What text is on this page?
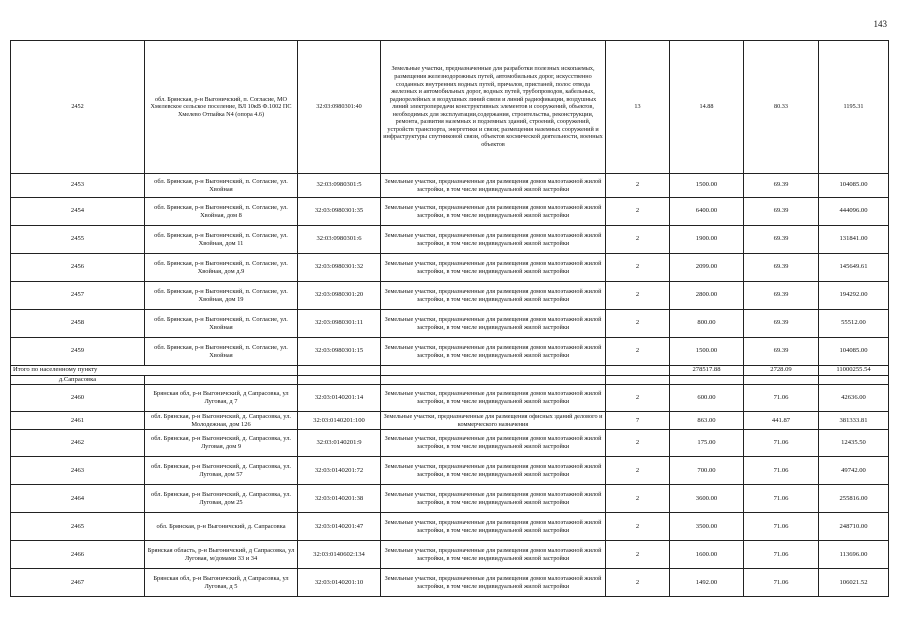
143
2452	обл. Брянская, р-н Выгоничский, п. Согласие, МО Хмелевское сельское поселение, ВЛ 10кВ Ф.1002 ПС Хмелево Отпайка N4 (опора 4.6)	32:03:0980301:40	Земельные участки, предназначенные для разработки полезных ископаемых, размещения железнодорожных путей, автомобильных дорог, искусственно созданных внутренних водных путей, причалов, пристаней, полос отвода железных и автомобильных дорог, водных путей, трубопроводов, кабельных, радиорелейных и воздушных линий связи и линий радиофикации, воздушных линий электропередачи конструктивных элементов и сооружений, объектов, необходимых для эксплуатации,содержания, строительства, реконструкции, ремонта, развития наземных и подземных зданий, строений, сооружений, устройств транспорта, энергетики и связи; размещения наземных сооружений и инфраструктуры спутниковой связи, объектов космической деятельности, военных объектов	13	14.88	80.33	1195.31
2453	обл. Брянская, р-н Выгоничский, п. Согласие, ул. Хвойная	32:03:0980301:5	Земельные участки, предназначенные для размещения домов малоэтажной жилой застройки, в том числе индивидуальной жилой застройки	2	1500.00	69.39	104085.00
2454	обл. Брянская, р-н Выгоничский, п. Согласие, ул. Хвойная, дом 8	32:03:0980301:35	Земельные участки, предназначенные для размещения домов малоэтажной жилой застройки, в том числе индивидуальной жилой застройки	2	6400.00	69.39	444096.00
2455	обл. Брянская, р-н Выгоничский, п. Согласие, ул. Хвойная, дом 11	32:03:0980301:6	Земельные участки, предназначенные для размещения домов малоэтажной жилой застройки, в том числе индивидуальной жилой застройки	2	1900.00	69.39	131841.00
2456	обл. Брянская, р-н Выгоничский, п. Согласие, ул. Хвойная, дом д.9	32:03:0980301:32	Земельные участки, предназначенные для размещения домов малоэтажной жилой застройки, в том числе индивидуальной жилой застройки	2	2099.00	69.39	145649.61
2457	обл. Брянская, р-н Выгоничский, п. Согласие, ул. Хвойная, дом 19	32:03:0980301:20	Земельные участки, предназначенные для размещения домов малоэтажной жилой застройки, в том числе индивидуальной жилой застройки	2	2800.00	69.39	194292.00
2458	обл. Брянская, р-н Выгоничский, п. Согласие, ул. Хвойная	32:03:0980301:11	Земельные участки, предназначенные для размещения домов малоэтажной жилой застройки, в том числе индивидуальной жилой застройки	2	800.00	69.39	55512.00
2459	обл. Брянская, р-н Выгоничский, п. Согласие, ул. Хвойная	32:03:0980301:15	Земельные участки, предназначенные для размещения домов малоэтажной жилой застройки, в том числе индивидуальной жилой застройки	2	1500.00	69.39	104085.00
Итого по населенному пункту					278517.88	2728.09	11000255.54
д.Сапрасовка							
2460	Брянская обл, р-н Выгоничский, д Сапрасовка, ул Луговая, д 7	32:03:0140201:14	Земельные участки, предназначенные для размещения домов малоэтажной жилой застройки, в том числе индивидуальной жилой застройки	2	600.00	71.06	42636.00
2461	обл. Брянская, р-н Выгоничский, д. Сапрасовка, ул. Молодежная, дом 126	32:03:0140201:100	Земельные участки, предназначенные для размещения офисных зданий делового и коммерческого назначения	7	863.00	441.87	381333.81
2462	обл. Брянская, р-н Выгоничский, д. Сапрасовка, ул. Луговая, дом 9	32:03:0140201:9	Земельные участки, предназначенные для размещения домов малоэтажной жилой застройки, в том числе индивидуальной жилой застройки	2	175.00	71.06	12435.50
2463	обл. Брянская, р-н Выгоничский, д. Сапрасовка, ул. Луговая, дом 57	32:03:0140201:72	Земельные участки, предназначенные для размещения домов малоэтажной жилой застройки, в том числе индивидуальной жилой застройки	2	700.00	71.06	49742.00
2464	обл. Брянская, р-н Выгоничский, д. Сапрасовка, ул. Луговая, дом 25	32:03:0140201:38	Земельные участки, предназначенные для размещения домов малоэтажной жилой застройки, в том числе индивидуальной жилой застройки	2	3600.00	71.06	255816.00
2465	обл. Брянская, р-н Выгоничский, д. Сапрасовка	32:03:0140201:47	Земельные участки, предназначенные для размещения домов малоэтажной жилой застройки, в том числе индивидуальной жилой застройки	2	3500.00	71.06	248710.00
2466	Брянская область, р-н Выгоничский, д Сапрасовка, ул Луговая, м/домами 33 и 34	32:03:0140602:134	Земельные участки, предназначенные для размещения домов малоэтажной жилой застройки, в том числе индивидуальной жилой застройки	2	1600.00	71.06	113696.00
2467	Брянская обл, р-н Выгоничский, д Сапрасовка, ул Луговая, д 5	32:03:0140201:10	Земельные участки, предназначенные для размещения домов малоэтажной жилой застройки, в том числе индивидуальной жилой застройки	2	1492.00	71.06	106021.52
